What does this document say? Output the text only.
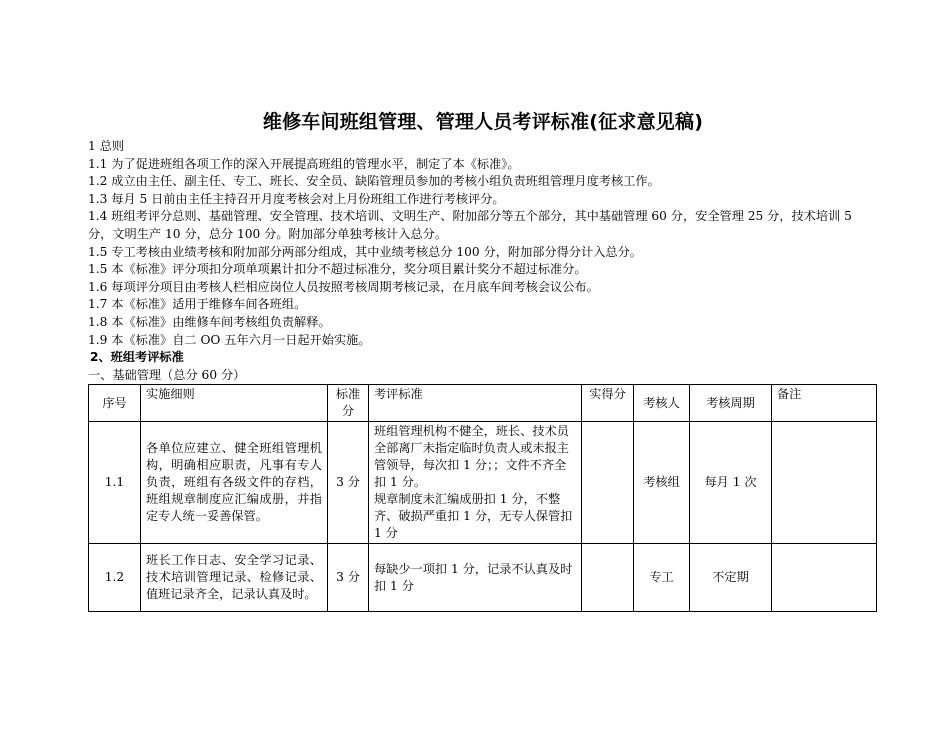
维修车间班组管理、管理人员考评标准(征求意见稿)

1 总则

1.1 为了促进班组各项工作的深入开展提高班组的管理水平，制定了本《标准》。

1.2 成立由主任、副主任、专工、班长、安全员、缺陷管理员参加的考核小组负责班组管理月度考核工作。

1.3 每月 5 日前由主任主持召开月度考核会对上月份班组工作进行考核评分。

1.4 班组考评分总则、基础管理、安全管理、技术培训、文明生产、附加部分等五个部分，其中基础管理 60 分，安全管理 25 分，技术培训 5 分，文明生产 10 分，总分 100 分。附加部分单独考核计入总分。

1.5 专工考核由业绩考核和附加部分两部分组成，其中业绩考核总分 100 分，附加部分得分计入总分。

1.5 本《标准》评分项扣分项单项累计扣分不超过标准分，奖分项目累计奖分不超过标准分。

1.6 每项评分项目由考核人栏相应岗位人员按照考核周期考核记录，在月底车间考核会议公布。

1.7 本《标准》适用于维修车间各班组。

1.8 本《标准》由维修车间考核组负责解释。

1.9 本《标准》自二 OO 五年六月一日起开始实施。

2、班组考评标准

一、基础管理（总分 60 分）

序号	实施细则	标准分	考评标准	实得分	考核人	考核周期	备注
1.1	各单位应建立、健全班组管理机构，明确相应职责，凡事有专人负责，班组有各级文件的存档，班组规章制度应汇编成册，并指定专人统一妥善保管。	3 分	班组管理机构不健全，班长、技术员全部离厂未指定临时负责人或未报主管领导，每次扣 1 分；；文件不齐全扣 1 分。
规章制度未汇编成册扣 1 分，不整齐、破损严重扣 1 分，无专人保管扣 1 分		考核组	每月 1 次	
1.2	班长工作日志、安全学习记录、技术培训管理记录、检修记录、值班记录齐全，记录认真及时。	3 分	每缺少一项扣 1 分，记录不认真及时扣 1 分		专工	不定期	
